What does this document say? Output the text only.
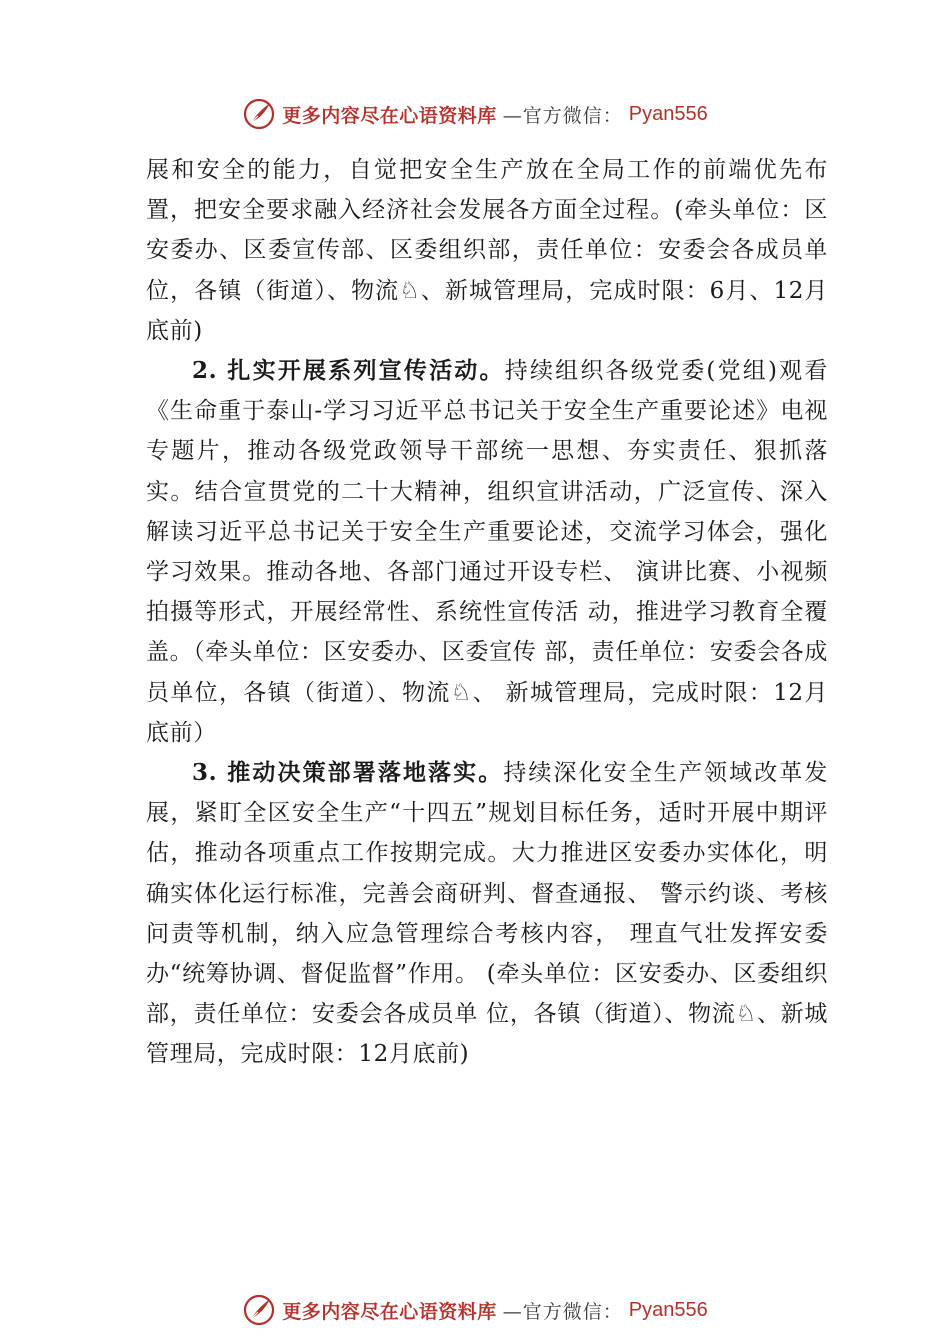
更多内容尽在心语资料库 —官方微信： Pyan556

展和安全的能力，自觉把安全生产放在全局工作的前端优先布置，把安全要求融入经济社会发展各方面全过程。(牵头单位：区安委办、区委宣传部、区委组织部，责任单位：安委会各成员单位，各镇（街道）、物流♘、新城管理局，完成时限：6月、12月底前)

2. 扎实开展系列宣传活动。持续组织各级党委(党组)观看《生命重于泰山-学习习近平总书记关于安全生产重要论述》电视专题片，推动各级党政领导干部统一思想、夯实责任、狠抓落实。结合宣贯党的二十大精神，组织宣讲活动，广泛宣传、深入解读习近平总书记关于安全生产重要论述，交流学习体会，强化学习效果。推动各地、各部门通过开设专栏、 演讲比赛、小视频拍摄等形式，开展经常性、系统性宣传活 动，推进学习教育全覆盖。（牵头单位：区安委办、区委宣传 部，责任单位：安委会各成员单位，各镇（街道）、物流♘、 新城管理局，完成时限：12月底前）

3. 推动决策部署落地落实。持续深化安全生产领域改革发展，紧盯全区安全生产“十四五”规划目标任务，适时开展中期评估，推动各项重点工作按期完成。大力推进区安委办实体化，明确实体化运行标准，完善会商研判、督查通报、 警示约谈、考核问责等机制，纳入应急管理综合考核内容， 理直气壮发挥安委办“统筹协调、督促监督”作用。 (牵头单位：区安委办、区委组织部，责任单位：安委会各成员单 位，各镇（街道）、物流♘、新城管理局，完成时限：12月底前)

更多内容尽在心语资料库 —官方微信： Pyan556
